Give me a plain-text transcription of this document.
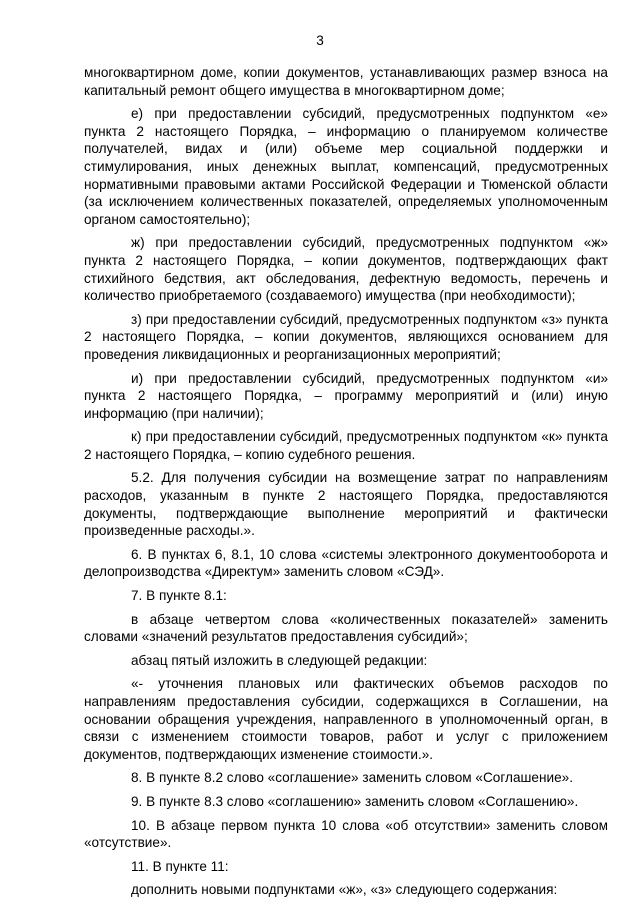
3

многоквартирном доме, копии документов, устанавливающих размер взноса на капитальный ремонт общего имущества в многоквартирном доме;

е) при предоставлении субсидий, предусмотренных подпунктом «е» пункта 2 настоящего Порядка, – информацию о планируемом количестве получателей, видах и (или) объеме мер социальной поддержки и стимулирования, иных денежных выплат, компенсаций, предусмотренных нормативными правовыми актами Российской Федерации и Тюменской области (за исключением количественных показателей, определяемых уполномоченным органом самостоятельно);

ж) при предоставлении субсидий, предусмотренных подпунктом «ж» пункта 2 настоящего Порядка, – копии документов, подтверждающих факт стихийного бедствия, акт обследования, дефектную ведомость, перечень и количество приобретаемого (создаваемого) имущества (при необходимости);

з) при предоставлении субсидий, предусмотренных подпунктом «з» пункта 2 настоящего Порядка, – копии документов, являющихся основанием для проведения ликвидационных и реорганизационных мероприятий;

и) при предоставлении субсидий, предусмотренных подпунктом «и» пункта 2 настоящего Порядка, – программу мероприятий и (или) иную информацию (при наличии);

к) при предоставлении субсидий, предусмотренных подпунктом «к» пункта 2 настоящего Порядка, – копию судебного решения.

5.2. Для получения субсидии на возмещение затрат по направлениям расходов, указанным в пункте 2 настоящего Порядка, предоставляются документы, подтверждающие выполнение мероприятий и фактически произведенные расходы.».

6. В пунктах 6, 8.1, 10 слова «системы электронного документооборота и делопроизводства «Директум» заменить словом «СЭД».

7. В пункте 8.1:

в абзаце четвертом слова «количественных показателей» заменить словами «значений результатов предоставления субсидий»;

абзац пятый изложить в следующей редакции:

«- уточнения плановых или фактических объемов расходов по направлениям предоставления субсидии, содержащихся в Соглашении, на основании обращения учреждения, направленного в уполномоченный орган, в связи с изменением стоимости товаров, работ и услуг с приложением документов, подтверждающих изменение стоимости.».

8. В пункте 8.2 слово «соглашение» заменить словом «Соглашение».

9. В пункте 8.3 слово «соглашению» заменить словом «Соглашению».

10. В абзаце первом пункта 10 слова «об отсутствии» заменить словом «отсутствие».

11. В пункте 11:

дополнить новыми подпунктами «ж», «з» следующего содержания:
